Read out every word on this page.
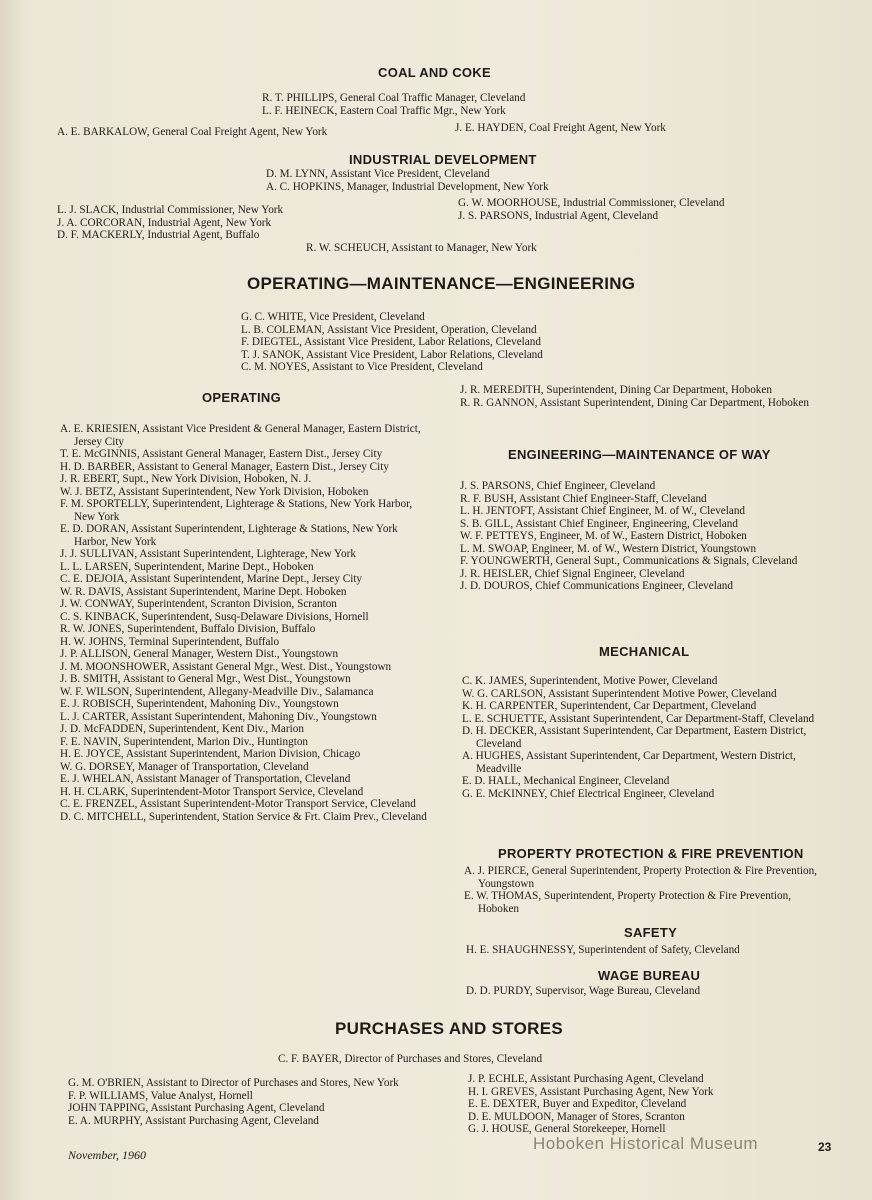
COAL AND COKE
R. T. PHILLIPS, General Coal Traffic Manager, Cleveland
L. F. HEINECK, Eastern Coal Traffic Mgr., New York
A. E. BARKALOW, General Coal Freight Agent, New York	J. E. HAYDEN, Coal Freight Agent, New York
INDUSTRIAL DEVELOPMENT
D. M. LYNN, Assistant Vice President, Cleveland
A. C. HOPKINS, Manager, Industrial Development, New York
L. J. SLACK, Industrial Commissioner, New York
J. A. CORCORAN, Industrial Agent, New York
D. F. MACKERLY, Industrial Agent, Buffalo
G. W. MOORHOUSE, Industrial Commissioner, Cleveland
J. S. PARSONS, Industrial Agent, Cleveland
R. W. SCHEUCH, Assistant to Manager, New York
OPERATING—MAINTENANCE—ENGINEERING
G. C. WHITE, Vice President, Cleveland
L. B. COLEMAN, Assistant Vice President, Operation, Cleveland
F. DIEGTEL, Assistant Vice President, Labor Relations, Cleveland
T. J. SANOK, Assistant Vice President, Labor Relations, Cleveland
C. M. NOYES, Assistant to Vice President, Cleveland
OPERATING
A. E. KRIESIEN, Assistant Vice President & General Manager, Eastern District, Jersey City
T. E. McGINNIS, Assistant General Manager, Eastern Dist., Jersey City
H. D. BARBER, Assistant to General Manager, Eastern Dist., Jersey City
J. R. EBERT, Supt., New York Division, Hoboken, N. J.
W. J. BETZ, Assistant Superintendent, New York Division, Hoboken
F. M. SPORTELLY, Superintendent, Lighterage & Stations, New York Harbor, New York
E. D. DORAN, Assistant Superintendent, Lighterage & Stations, New York Harbor, New York
J. J. SULLIVAN, Assistant Superintendent, Lighterage, New York
L. L. LARSEN, Superintendent, Marine Dept., Hoboken
C. E. DEJOIA, Assistant Superintendent, Marine Dept., Jersey City
W. R. DAVIS, Assistant Superintendent, Marine Dept. Hoboken
J. W. CONWAY, Superintendent, Scranton Division, Scranton
C. S. KINBACK, Superintendent, Susq-Delaware Divisions, Hornell
R. W. JONES, Superintendent, Buffalo Division, Buffalo
H. W. JOHNS, Terminal Superintendent, Buffalo
J. P. ALLISON, General Manager, Western Dist., Youngstown
J. M. MOONSHOWER, Assistant General Mgr., West. Dist., Youngstown
J. B. SMITH, Assistant to General Mgr., West Dist., Youngstown
W. F. WILSON, Superintendent, Allegany-Meadville Div., Salamanca
E. J. ROBISCH, Superintendent, Mahoning Div., Youngstown
L. J. CARTER, Assistant Superintendent, Mahoning Div., Youngstown
J. D. McFADDEN, Superintendent, Kent Div., Marion
F. E. NAVIN, Superintendent, Marion Div., Huntington
H. E. JOYCE, Assistant Superintendent, Marion Division, Chicago
W. G. DORSEY, Manager of Transportation, Cleveland
E. J. WHELAN, Assistant Manager of Transportation, Cleveland
H. H. CLARK, Superintendent-Motor Transport Service, Cleveland
C. E. FRENZEL, Assistant Superintendent-Motor Transport Service, Cleveland
D. C. MITCHELL, Superintendent, Station Service & Frt. Claim Prev., Cleveland
J. R. MEREDITH, Superintendent, Dining Car Department, Hoboken
R. R. GANNON, Assistant Superintendent, Dining Car Department, Hoboken
ENGINEERING—MAINTENANCE OF WAY
J. S. PARSONS, Chief Engineer, Cleveland
R. F. BUSH, Assistant Chief Engineer-Staff, Cleveland
L. H. JENTOFT, Assistant Chief Engineer, M. of W., Cleveland
S. B. GILL, Assistant Chief Engineer, Engineering, Cleveland
W. F. PETTEYS, Engineer, M. of W., Eastern District, Hoboken
L. M. SWOAP, Engineer, M. of W., Western District, Youngstown
F. YOUNGWERTH, General Supt., Communications & Signals, Cleveland
J. R. HEISLER, Chief Signal Engineer, Cleveland
J. D. DOUROS, Chief Communications Engineer, Cleveland
MECHANICAL
C. K. JAMES, Superintendent, Motive Power, Cleveland
W. G. CARLSON, Assistant Superintendent Motive Power, Cleveland
K. H. CARPENTER, Superintendent, Car Department, Cleveland
L. E. SCHUETTE, Assistant Superintendent, Car Department-Staff, Cleveland
D. H. DECKER, Assistant Superintendent, Car Department, Eastern District, Cleveland
A. HUGHES, Assistant Superintendent, Car Department, Western District, Meadville
E. D. HALL, Mechanical Engineer, Cleveland
G. E. McKINNEY, Chief Electrical Engineer, Cleveland
PROPERTY PROTECTION & FIRE PREVENTION
A. J. PIERCE, General Superintendent, Property Protection & Fire Prevention, Youngstown
E. W. THOMAS, Superintendent, Property Protection & Fire Prevention, Hoboken
SAFETY
H. E. SHAUGHNESSY, Superintendent of Safety, Cleveland
WAGE BUREAU
D. D. PURDY, Supervisor, Wage Bureau, Cleveland
PURCHASES AND STORES
C. F. BAYER, Director of Purchases and Stores, Cleveland
G. M. O'BRIEN, Assistant to Director of Purchases and Stores, New York
F. P. WILLIAMS, Value Analyst, Hornell
JOHN TAPPING, Assistant Purchasing Agent, Cleveland
E. A. MURPHY, Assistant Purchasing Agent, Cleveland
J. P. ECHLE, Assistant Purchasing Agent, Cleveland
H. I. GREVES, Assistant Purchasing Agent, New York
E. E. DEXTER, Buyer and Expeditor, Cleveland
D. E. MULDOON, Manager of Stores, Scranton
G. J. HOUSE, General Storekeeper, Hornell
November, 1960
Hoboken Historical Museum	23
